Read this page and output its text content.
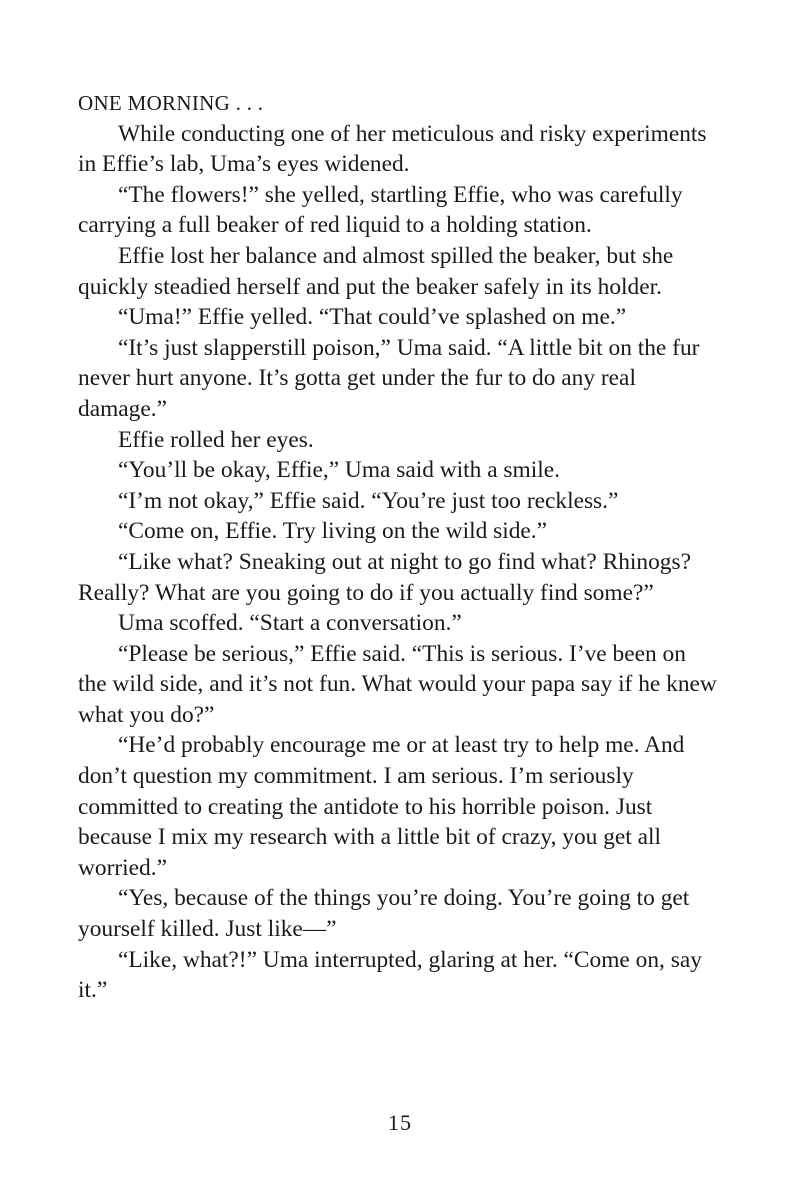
ONE MORNING . . .

While conducting one of her meticulous and risky experiments in Effie’s lab, Uma’s eyes widened.

“The flowers!” she yelled, startling Effie, who was carefully carrying a full beaker of red liquid to a holding station.

Effie lost her balance and almost spilled the beaker, but she quickly steadied herself and put the beaker safely in its holder.

“Uma!” Effie yelled. “That could’ve splashed on me.”

“It’s just slapperstill poison,” Uma said. “A little bit on the fur never hurt anyone. It’s gotta get under the fur to do any real damage.”

Effie rolled her eyes.

“You’ll be okay, Effie,” Uma said with a smile.

“I’m not okay,” Effie said. “You’re just too reckless.”

“Come on, Effie. Try living on the wild side.”

“Like what? Sneaking out at night to go find what? Rhinogs? Really? What are you going to do if you actually find some?”

Uma scoffed. “Start a conversation.”

“Please be serious,” Effie said. “This is serious. I’ve been on the wild side, and it’s not fun. What would your papa say if he knew what you do?”

“He’d probably encourage me or at least try to help me. And don’t question my commitment. I am serious. I’m seriously committed to creating the antidote to his horrible poison. Just because I mix my research with a little bit of crazy, you get all worried.”

“Yes, because of the things you’re doing. You’re going to get yourself killed. Just like—”

“Like, what?!” Uma interrupted, glaring at her. “Come on, say it.”

15
